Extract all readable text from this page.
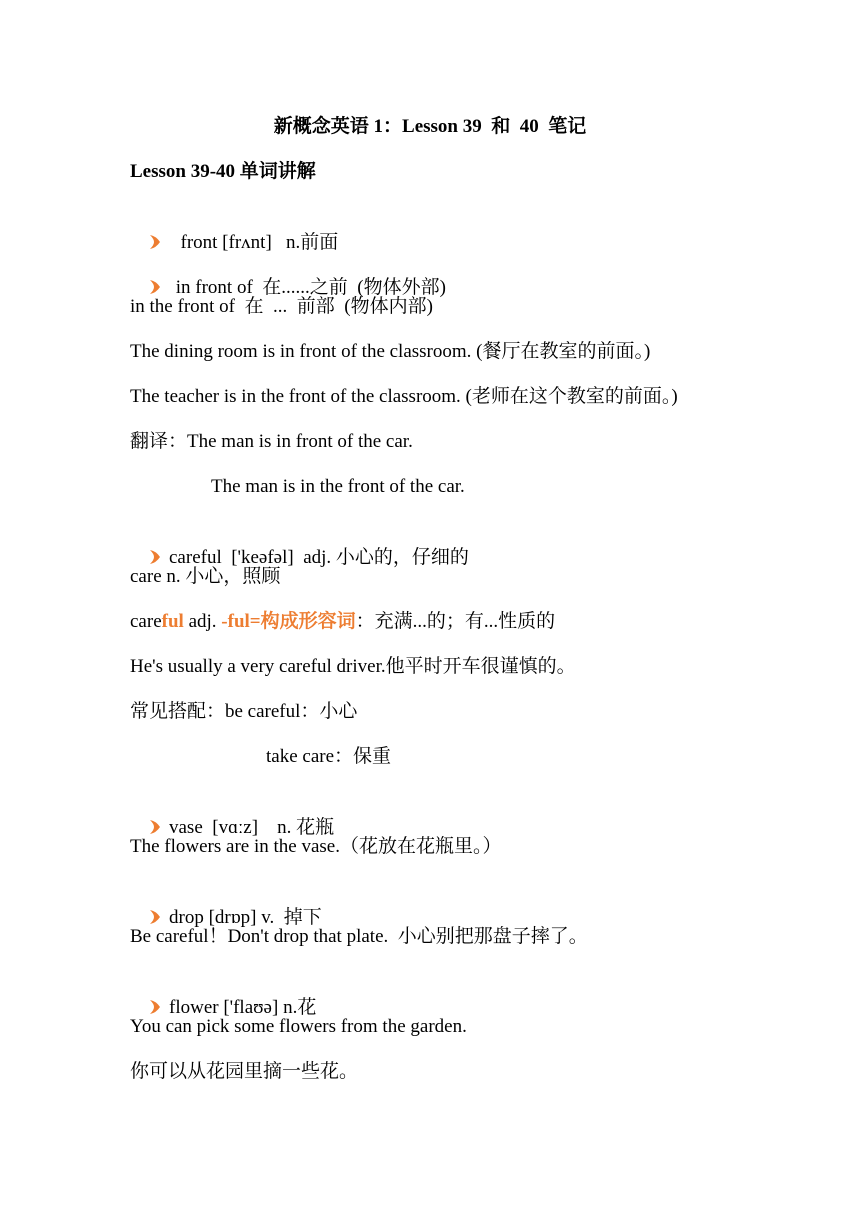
新概念英语 1：Lesson 39  和  40  笔记
Lesson 39-40 单词讲解

front [frʌnt]   n.前面

in front of  在......之前  (物体外部)

in the front of  在  ...  前部  (物体内部)
The dining room is in front of the classroom. (餐厅在教室的前面。)
The teacher is in the front of the classroom. (老师在这个教室的前面。)
翻译：The man is in front of the car.
The man is in the front of the car.

careful  ['keəfəl]  adj. 小心的，仔细的

care n. 小心，照顾
careful adj. -ful=构成形容词：充满...的；有...性质的
He's usually a very careful driver.他平时开车很谨慎的。
常见搭配：be careful：小心
take care：保重

vase  [vɑːz]    n. 花瓶

The flowers are in the vase.（花放在花瓶里。）

drop [drɒp] v.  掉下

Be careful！Don't drop that plate.  小心别把那盘子摔了。

flower ['flaʊə] n.花

You can pick some flowers from the garden.
你可以从花园里摘一些花。
